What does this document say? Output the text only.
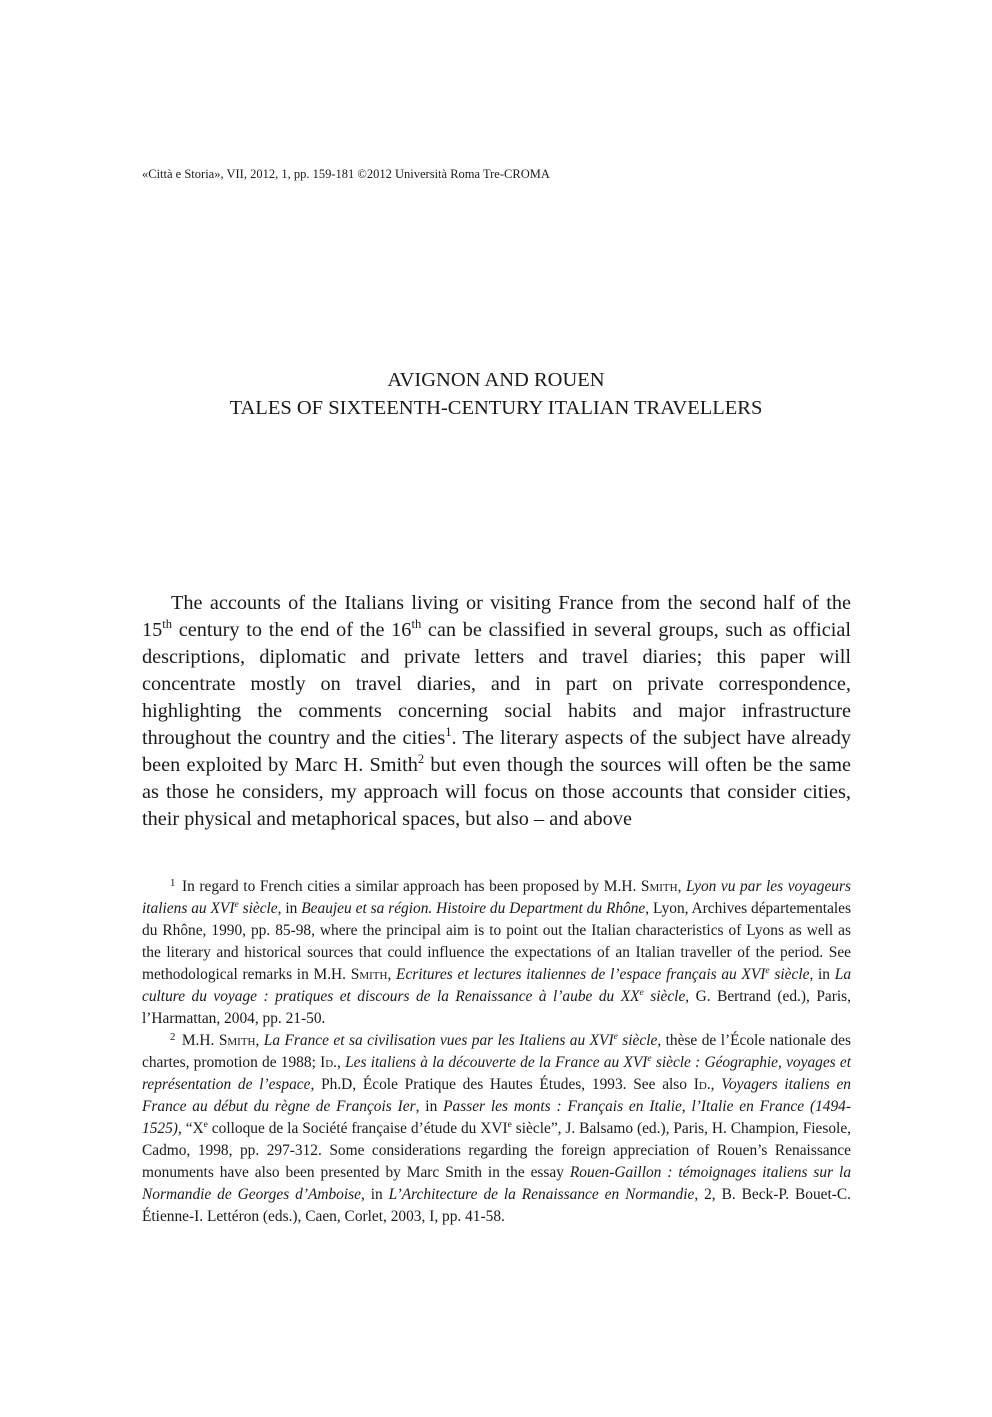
«Città e Storia», VII, 2012, 1, pp. 159-181 ©2012 Università Roma Tre-CROMA
AVIGNON AND ROUEN
TALES OF SIXTEENTH-CENTURY ITALIAN TRAVELLERS

The accounts of the Italians living or visiting France from the second half of the 15th century to the end of the 16th can be classified in several groups, such as official descriptions, diplomatic and private letters and travel diaries; this paper will concentrate mostly on travel diaries, and in part on private correspondence, highlighting the comments concerning social habits and major infrastructure throughout the country and the cities$^1$. The literary aspects of the subject have already been exploited by Marc H. Smith$^2$ but even though the sources will often be the same as those he considers, my approach will focus on those accounts that consider cities, their physical and metaphorical spaces, but also – and above

$^1$ In regard to French cities a similar approach has been proposed by M.H. Smith, Lyon vu par les voyageurs italiens au XVIe siècle, in Beaujeu et sa région. Histoire du Department du Rhône, Lyon, Archives départementales du Rhône, 1990, pp. 85-98, where the principal aim is to point out the Italian characteristics of Lyons as well as the literary and historical sources that could influence the expectations of an Italian traveller of the period. See methodological remarks in M.H. Smith, Ecritures et lectures italiennes de l’espace français au XVIe siècle, in La culture du voyage : pratiques et discours de la Renaissance à l’aube du XXe siècle, G. Bertrand (ed.), Paris, l’Harmattan, 2004, pp. 21-50.

$^2$ M.H. Smith, La France et sa civilisation vues par les Italiens au XVIe siècle, thèse de l’École nationale des chartes, promotion de 1988; Id., Les italiens à la découverte de la France au XVIe siècle : Géographie, voyages et représentation de l’espace, Ph.D, École Pratique des Hautes Études, 1993. See also Id., Voyagers italiens en France au début du règne de François Ier, in Passer les monts : Français en Italie, l’Italie en France (1494-1525), “Xe colloque de la Société française d’étude du XVIe siècle”, J. Balsamo (ed.), Paris, H. Champion, Fiesole, Cadmo, 1998, pp. 297-312. Some considerations regarding the foreign appreciation of Rouen’s Renaissance monuments have also been presented by Marc Smith in the essay Rouen-Gaillon : témoignages italiens sur la Normandie de Georges d’Amboise, in L’Architecture de la Renaissance en Normandie, 2, B. Beck-P. Bouet-C. Étienne-I. Lettéron (eds.), Caen, Corlet, 2003, I, pp. 41-58.
